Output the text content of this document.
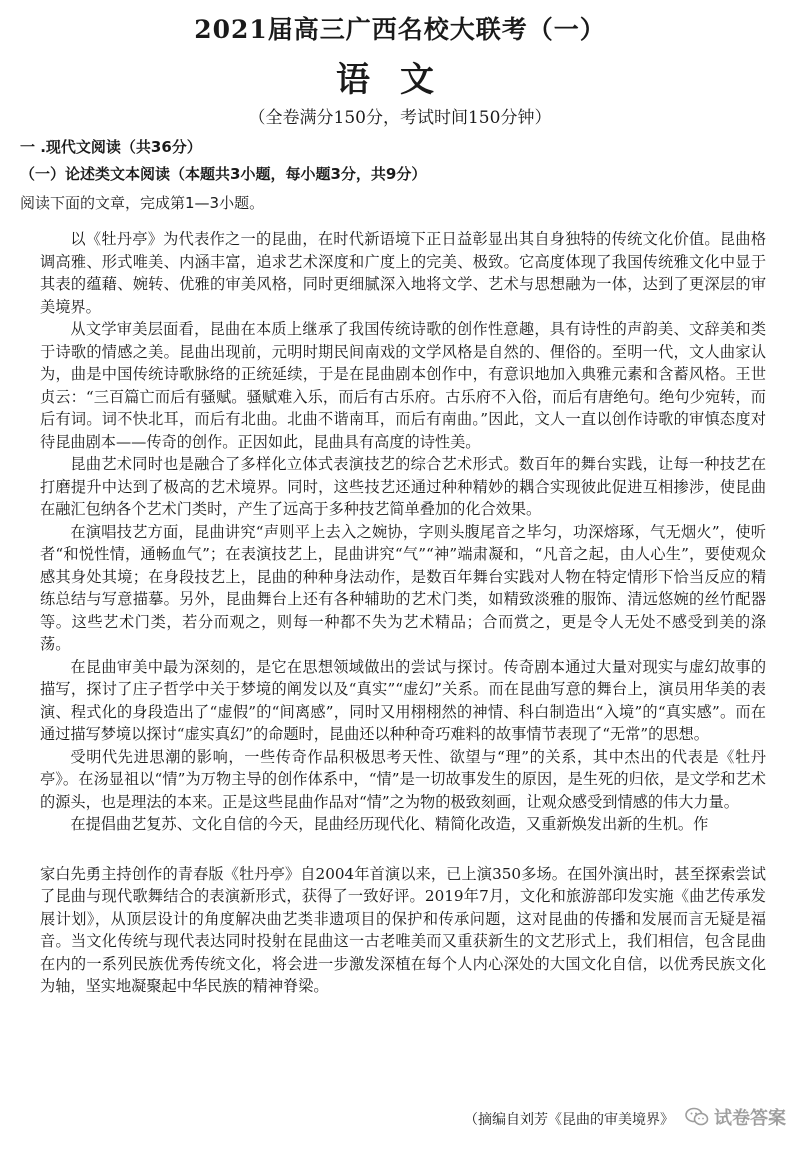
2021届高三广西名校大联考（一）
语文
（全卷满分150分，考试时间150分钟）
一 .现代文阅读（共36分）
（一）论述类文本阅读（本题共3小题，每小题3分，共9分）
阅读下面的文章，完成第1—3小题。

以《牡丹亭》为代表作之一的昆曲，在时代新语境下正日益彰显出其自身独特的传统文化价值。昆曲格调高雅、形式唯美、内涵丰富，追求艺术深度和广度上的完美、极致。它高度体现了我国传统雅文化中显于其表的蕴藉、婉转、优雅的审美风格，同时更细腻深入地将文学、艺术与思想融为一体，达到了更深层的审美境界。

从文学审美层面看，昆曲在本质上继承了我国传统诗歌的创作性意趣，具有诗性的声韵美、文辞美和类于诗歌的情感之美。昆曲出现前，元明时期民间南戏的文学风格是自然的、俚俗的。至明一代，文人曲家认为，曲是中国传统诗歌脉络的正统延续，于是在昆曲剧本创作中，有意识地加入典雅元素和含蓄风格。王世贞云：“三百篇亡而后有骚赋。骚赋难入乐，而后有古乐府。古乐府不入俗，而后有唐绝句。绝句少宛转，而后有词。词不快北耳，而后有北曲。北曲不谐南耳，而后有南曲。”因此，文人一直以创作诗歌的审慎态度对待昆曲剧本——传奇的创作。正因如此，昆曲具有高度的诗性美。

昆曲艺术同时也是融合了多样化立体式表演技艺的综合艺术形式。数百年的舞台实践，让每一种技艺在打磨提升中达到了极高的艺术境界。同时，这些技艺还通过种种精妙的耦合实现彼此促进互相掺涉，使昆曲在融汇包纳各个艺术门类时，产生了远高于多种技艺简单叠加的化合效果。

在演唱技艺方面，昆曲讲究“声则平上去入之婉协，字则头腹尾音之毕匀，功深熔琢，气无烟火”，使听者“和悦性情，通畅血气”；在表演技艺上，昆曲讲究“气”“神”端肃凝和，“凡音之起，由人心生”，要使观众感其身处其境；在身段技艺上，昆曲的种种身法动作，是数百年舞台实践对人物在特定情形下恰当反应的精练总结与写意描摹。另外，昆曲舞台上还有各种辅助的艺术门类，如精致淡雅的服饰、清远悠婉的丝竹配器等。这些艺术门类，若分而观之，则每一种都不失为艺术精品；合而赏之，更是令人无处不感受到美的涤荡。

在昆曲审美中最为深刻的，是它在思想领域做出的尝试与探讨。传奇剧本通过大量对现实与虚幻故事的描写，探讨了庄子哲学中关于梦境的阐发以及“真实”“虚幻”关系。而在昆曲写意的舞台上，演员用华美的表演、程式化的身段造出了“虚假”的“间离感”，同时又用栩栩然的神情、科白制造出“入境”的“真实感”。而在通过描写梦境以探讨“虚实真幻”的命题时，昆曲还以种种奇巧难料的故事情节表现了“无常”的思想。

受明代先进思潮的影响，一些传奇作品积极思考天性、欲望与“理”的关系，其中杰出的代表是《牡丹亭》。在汤显祖以“情”为万物主导的创作体系中，“情”是一切故事发生的原因，是生死的归依，是文学和艺术的源头，也是理法的本来。正是这些昆曲作品对“情”之为物的极致刻画，让观众感受到情感的伟大力量。

在提倡曲艺复苏、文化自信的今天，昆曲经历现代化、精简化改造，又重新焕发出新的生机。作

家白先勇主持创作的青春版《牡丹亭》自2004年首演以来，已上演350多场。在国外演出时，甚至探索尝试了昆曲与现代歌舞结合的表演新形式，获得了一致好评。2019年7月，文化和旅游部印发实施《曲艺传承发展计划》，从顶层设计的角度解决曲艺类非遗项目的保护和传承问题，这对昆曲的传播和发展而言无疑是福音。当文化传统与现代表达同时投射在昆曲这一古老唯美而又重获新生的文艺形式上，我们相信，包含昆曲在内的一系列民族优秀传统文化，将会进一步激发深植在每个人内心深处的大国文化自信，以优秀民族文化为轴，坚实地凝聚起中华民族的精神脊梁。

（摘编自刘芳《昆曲的审美境界》 试卷答案
